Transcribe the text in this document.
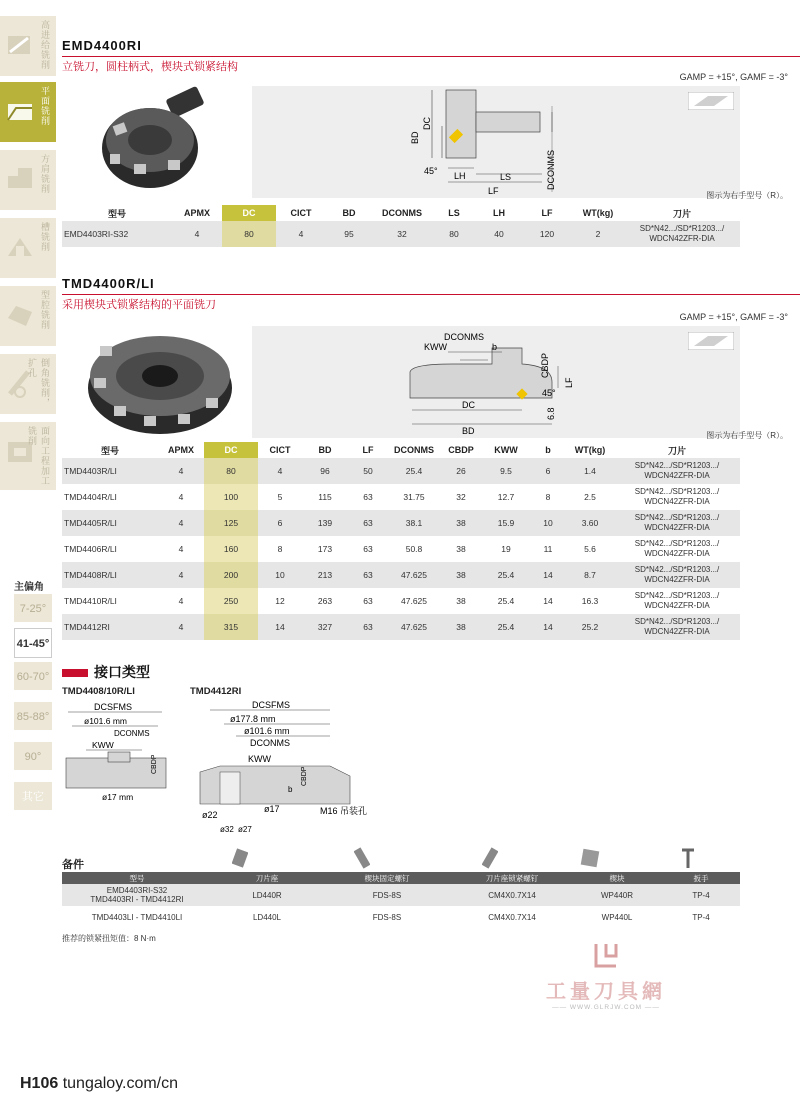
高进给铣削
平面铣削
方肩铣削
槽铣削
型腔铣削
倒角铣削，扩孔
面向工程加工铣削
主偏角
7-25°
41-45°
60-70°
85-88°
90°
其它
EMD4400RI
立铣刀，圆柱柄式，楔块式锁紧结构
GAMP = +15°, GAMF = -3°
BD
DC
45° LH	LS
LF
DCONMS
图示为右手型号（R）。
型号	APMX	DC	CICT	BD	DCONMS	LS	LH	LF	WT(kg)	刀片
EMD4403RI-S32	4	80	4	95	32	80	40	120	2	SD*N42.../SD*R1203.../
WDCN42ZFR-DIA
TMD4400R/LI
采用楔块式锁紧结构的平面铣刀
GAMP = +15°, GAMF = -3°
DCONMS
KWW	b
CBDP
LF
45°
6.8
DC
BD	图示为右手型号（R）。
型号	APMX	DC	CICT	BD	LF	DCONMS	CBDP	KWW	b	WT(kg)	刀片
TMD4403R/LI	4	80	4	96	50	25.4	26	9.5	6	1.4	SD*N42.../SD*R1203.../
WDCN42ZFR-DIA

TMD4404R/LI	4	100	5	115	63	31.75	32	12.7	8	2.5	SD*N42.../SD*R1203.../
WDCN42ZFR-DIA

TMD4405R/LI	4	125	6	139	63	38.1	38	15.9	10	3.60	SD*N42.../SD*R1203.../
WDCN42ZFR-DIA

TMD4406R/LI	4	160	8	173	63	50.8	38	19	11	5.6	SD*N42.../SD*R1203.../
WDCN42ZFR-DIA

TMD4408R/LI	4	200	10	213	63	47.625	38	25.4	14	8.7	SD*N42.../SD*R1203.../
WDCN42ZFR-DIA

TMD4410R/LI	4	250	12	263	63	47.625	38	25.4	14	16.3	SD*N42.../SD*R1203.../
WDCN42ZFR-DIA

TMD4412RI	4	315	14	327	63	47.625	38	25.4	14	25.2	SD*N42.../SD*R1203.../
WDCN42ZFR-DIA
接口类型
TMD4408/10R/LI	TMD4412RI
DCSFMS
ø101.6 mm
DCONMS
KWW
CBDP
ø17 mm
DCSFMS
ø177.8 mm
ø101.6 mm
DCONMS
KWW
b
CBDP
ø17
ø22
ø32 ø27
M16 吊装孔
备件
型号	刀片座	楔块固定螺钉	刀片座锁紧螺钉	楔块	扳手

EMD4403RI-S32
TMD4403RI - TMD4412RI	LD440R	FDS-8S	CM4X0.7X14	WP440R	TP-4
TMD4403LI - TMD4410LI	LD440L	FDS-8S	CM4X0.7X14	WP440L	TP-4
推荐的锁紧扭矩值：8 N·m
工量刀具網
—— WWW.GLRJW.COM ——
H106 tungaloy.com/cn
